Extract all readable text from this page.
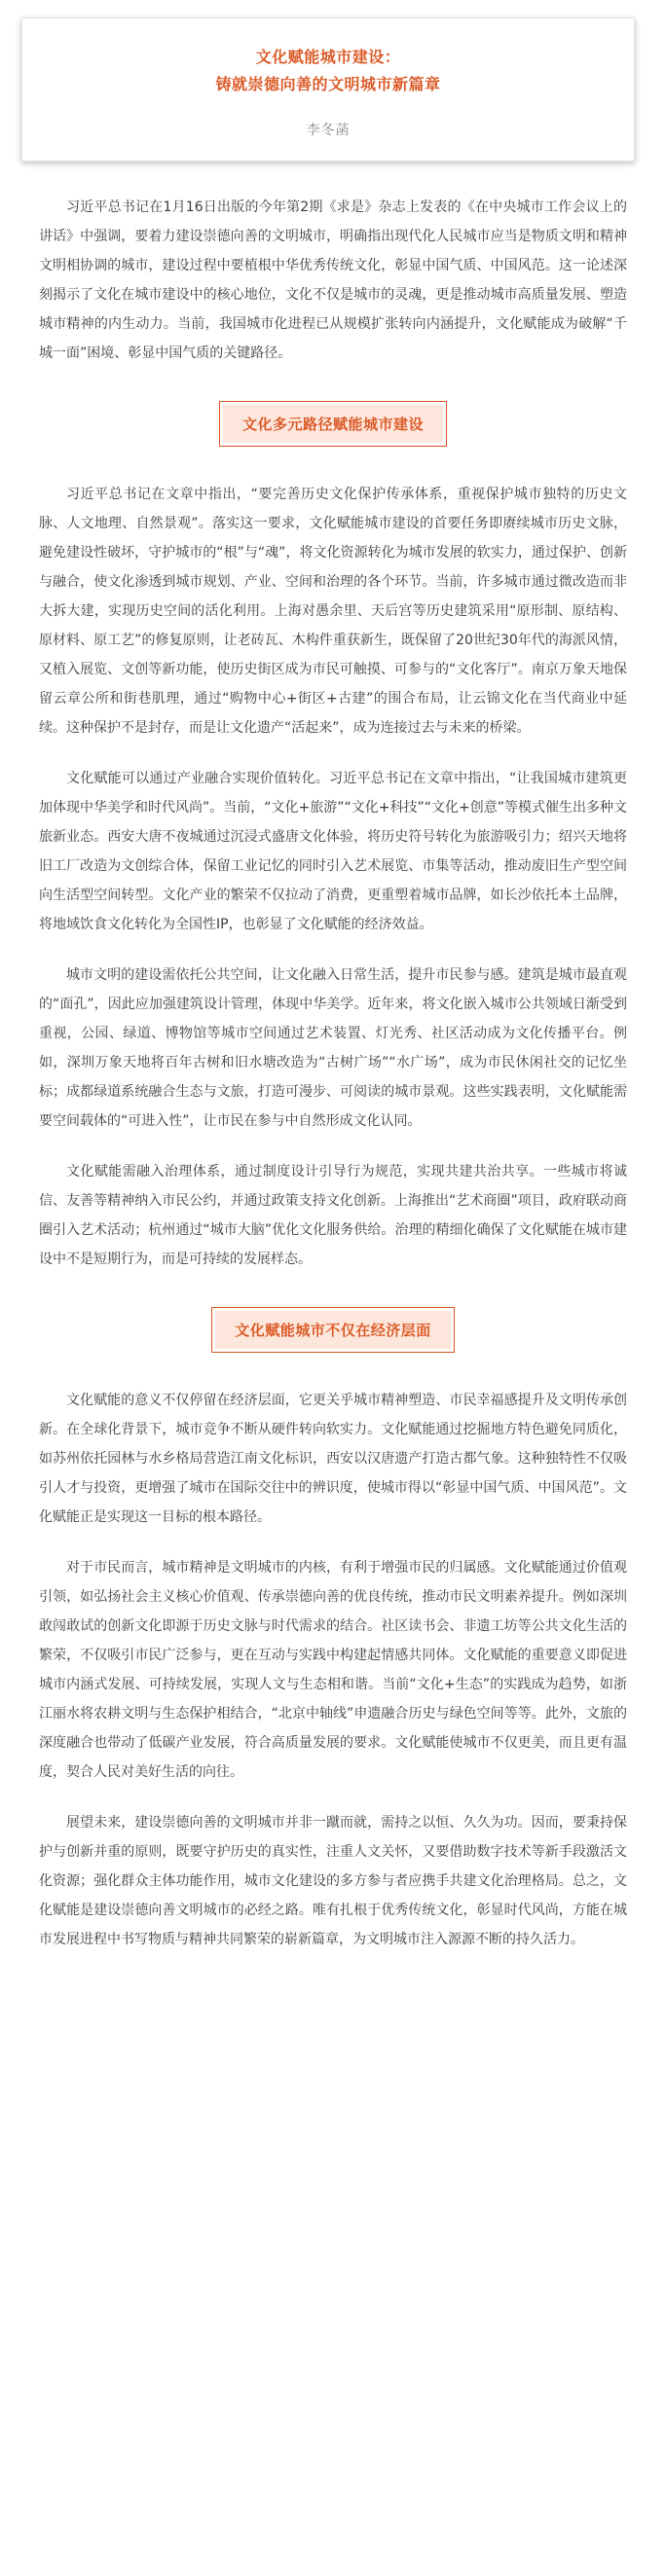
文化赋能城市建设：
铸就崇德向善的文明城市新篇章
李冬菡

习近平总书记在1月16日出版的今年第2期《求是》杂志上发表的《在中央城市工作会议上的讲话》中强调，要着力建设崇德向善的文明城市，明确指出现代化人民城市应当是物质文明和精神文明相协调的城市，建设过程中要植根中华优秀传统文化，彰显中国气质、中国风范。这一论述深刻揭示了文化在城市建设中的核心地位，文化不仅是城市的灵魂，更是推动城市高质量发展、塑造城市精神的内生动力。当前，我国城市化进程已从规模扩张转向内涵提升，文化赋能成为破解“千城一面”困境、彰显中国气质的关键路径。

文化多元路径赋能城市建设

习近平总书记在文章中指出，“要完善历史文化保护传承体系，重视保护城市独特的历史文脉、人文地理、自然景观”。落实这一要求，文化赋能城市建设的首要任务即赓续城市历史文脉，避免建设性破坏，守护城市的“根”与“魂”，将文化资源转化为城市发展的软实力，通过保护、创新与融合，使文化渗透到城市规划、产业、空间和治理的各个环节。当前，许多城市通过微改造而非大拆大建，实现历史空间的活化利用。上海对愚余里、天后宫等历史建筑采用“原形制、原结构、原材料、原工艺”的修复原则，让老砖瓦、木构件重获新生，既保留了20世纪30年代的海派风情，又植入展览、文创等新功能，使历史街区成为市民可触摸、可参与的“文化客厅”。南京万象天地保留云章公所和街巷肌理，通过“购物中心+街区+古建”的围合布局，让云锦文化在当代商业中延续。这种保护不是封存，而是让文化遗产“活起来”，成为连接过去与未来的桥梁。

文化赋能可以通过产业融合实现价值转化。习近平总书记在文章中指出，“让我国城市建筑更加体现中华美学和时代风尚”。当前，“文化+旅游”“文化+科技”“文化+创意”等模式催生出多种文旅新业态。西安大唐不夜城通过沉浸式盛唐文化体验，将历史符号转化为旅游吸引力；绍兴天地将旧工厂改造为文创综合体，保留工业记忆的同时引入艺术展览、市集等活动，推动废旧生产型空间向生活型空间转型。文化产业的繁荣不仅拉动了消费，更重塑着城市品牌，如长沙依托本土品牌，将地域饮食文化转化为全国性IP，也彰显了文化赋能的经济效益。

城市文明的建设需依托公共空间，让文化融入日常生活，提升市民参与感。建筑是城市最直观的“面孔”，因此应加强建筑设计管理，体现中华美学。近年来，将文化嵌入城市公共领域日渐受到重视，公园、绿道、博物馆等城市空间通过艺术装置、灯光秀、社区活动成为文化传播平台。例如，深圳万象天地将百年古树和旧水塘改造为“古树广场”“水广场”，成为市民休闲社交的记忆坐标；成都绿道系统融合生态与文旅，打造可漫步、可阅读的城市景观。这些实践表明，文化赋能需要空间载体的“可进入性”，让市民在参与中自然形成文化认同。

文化赋能需融入治理体系，通过制度设计引导行为规范，实现共建共治共享。一些城市将诚信、友善等精神纳入市民公约，并通过政策支持文化创新。上海推出“艺术商圈”项目，政府联动商圈引入艺术活动；杭州通过“城市大脑”优化文化服务供给。治理的精细化确保了文化赋能在城市建设中不是短期行为，而是可持续的发展样态。

文化赋能城市不仅在经济层面

文化赋能的意义不仅停留在经济层面，它更关乎城市精神塑造、市民幸福感提升及文明传承创新。在全球化背景下，城市竞争不断从硬件转向软实力。文化赋能通过挖掘地方特色避免同质化，如苏州依托园林与水乡格局营造江南文化标识，西安以汉唐遗产打造古都气象。这种独特性不仅吸引人才与投资，更增强了城市在国际交往中的辨识度，使城市得以“彰显中国气质、中国风范”。文化赋能正是实现这一目标的根本路径。

对于市民而言，城市精神是文明城市的内核，有利于增强市民的归属感。文化赋能通过价值观引领，如弘扬社会主义核心价值观、传承崇德向善的优良传统，推动市民文明素养提升。例如深圳敢闯敢试的创新文化即源于历史文脉与时代需求的结合。社区读书会、非遗工坊等公共文化生活的繁荣，不仅吸引市民广泛参与，更在互动与实践中构建起情感共同体。文化赋能的重要意义即促进城市内涵式发展、可持续发展，实现人文与生态相和谐。当前“文化+生态”的实践成为趋势，如浙江丽水将农耕文明与生态保护相结合，“北京中轴线”申遗融合历史与绿色空间等等。此外，文旅的深度融合也带动了低碳产业发展，符合高质量发展的要求。文化赋能使城市不仅更美，而且更有温度，契合人民对美好生活的向往。

展望未来，建设崇德向善的文明城市并非一蹴而就，需持之以恒、久久为功。因而，要秉持保护与创新并重的原则，既要守护历史的真实性，注重人文关怀，又要借助数字技术等新手段激活文化资源；强化群众主体功能作用，城市文化建设的多方参与者应携手共建文化治理格局。总之，文化赋能是建设崇德向善文明城市的必经之路。唯有扎根于优秀传统文化，彰显时代风尚，方能在城市发展进程中书写物质与精神共同繁荣的崭新篇章，为文明城市注入源源不断的持久活力。
